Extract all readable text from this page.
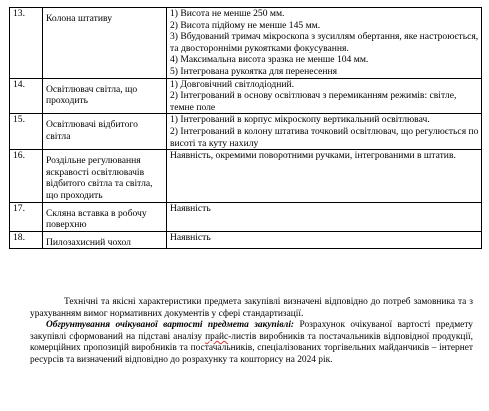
13.	Колона штативу	1) Висота не менше 250 мм.
2) Висота підйому не менше 145 мм.
3) Вбудований тримач мікроскопа з зусиллям обертання, яке настроюється, та двосторонніми рукоятками фокусування.
4) Максимальна висота зразка не менше 104 мм.
5) Інтегрована рукоятка для перенесення

14.	Освітлювач світла, що проходить	1) Довговічний світлодіодний.
2) Інтегрований в основу освітлювач з перемиканням режимів: світле, темне поле

15.	Освітлювачі відбитого світла	1) Інтегрований в корпус мікроскопу вертикальний освітлювач.
2) Інтегрований в колону штатива точковий освітлювач, що регулюється по висоті та куту нахилу

16.	Роздільне регулювання яскравості освітлювачів відбитого світла та світла, що проходить	Наявність, окремими поворотними ручками, інтегрованими в штатив.

17.	Скляна вставка в робочу поверхню	Наявність

18.	Пилозахисний чохол	Наявність

Технічні та якісні характеристики предмета закупівлі визначені відповідно до потреб замовника та з урахуванням вимог нормативних документів у сфері стандартизації.

Обгрунтування очікуваної вартості предмета закупівлі: Розрахунок очікуваної вартості предмету закупівлі сформований на підставі аналізу прайс-листів виробників та постачальників відповідної продукції, комерційних пропозицій виробників та постачальників, спеціалізованих торгівельних майданчиків – інтернет ресурсів та визначений відповідно до розрахунку та кошторису на 2024 рік.
